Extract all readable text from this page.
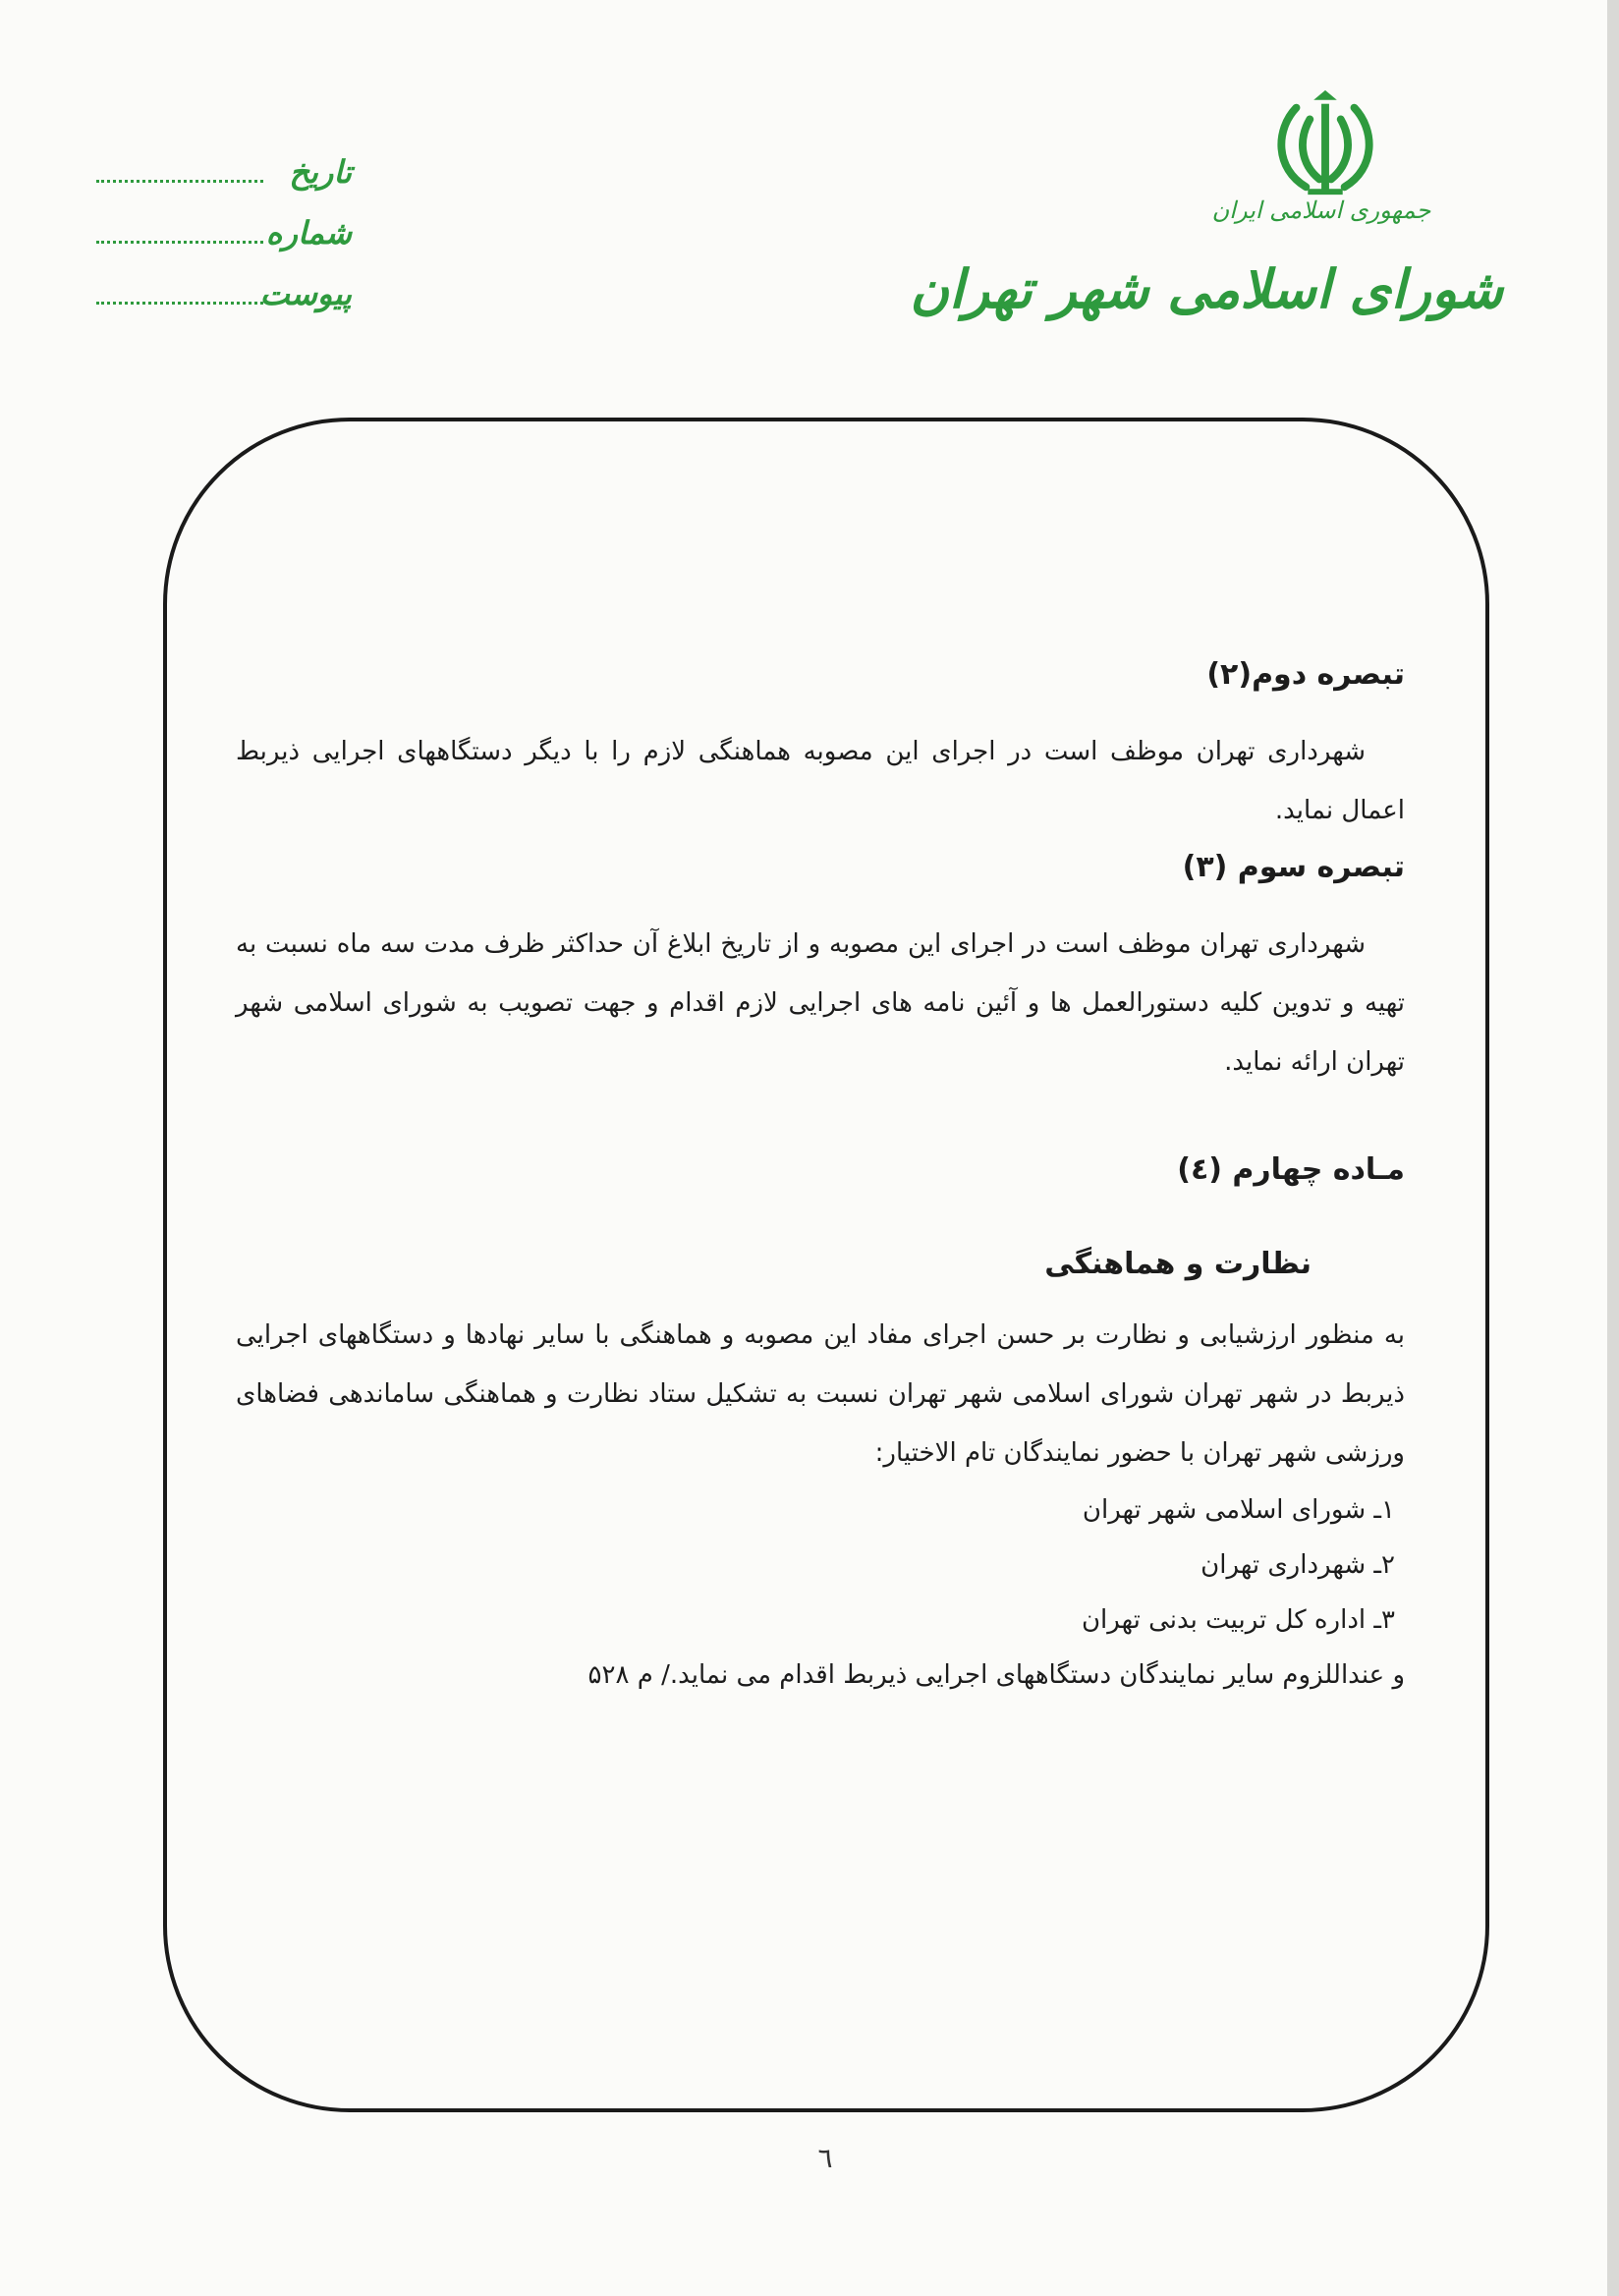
جمهوری اسلامی ایران
شورای اسلامی شهر تهران
تاریخ
شماره
پیوست

تبصره دوم(۲)

شهرداری تهران موظف است در اجرای این مصوبه هماهنگی لازم را با دیگر دستگاههای اجرایی ذیربط اعمال نماید.

تبصره سوم (۳)

شهرداری تهران موظف است در اجرای این مصوبه و از تاریخ ابلاغ آن حداکثر ظرف مدت سه ماه نسبت به تهیه و تدوین کلیه دستورالعمل ها و آئین نامه های اجرایی لازم اقدام و جهت تصویب به شورای اسلامی شهر تهران ارائه نماید.

مـاده چهارم (٤)

نظارت و هماهنگی

به منظور ارزشیابی و نظارت بر حسن اجرای مفاد این مصوبه و هماهنگی با سایر نهادها و دستگاههای اجرایی ذیربط در شهر تهران شورای اسلامی شهر تهران نسبت به تشکیل ستاد نظارت و هماهنگی ساماندهی فضاهای ورزشی شهر تهران با حضور نمایندگان تام الاختیار:

۱ـ شورای اسلامی شهر تهران

۲ـ شهرداری تهران

۳ـ اداره کل تربیت بدنی تهران

و عنداللزوم سایر نمایندگان دستگاههای اجرایی ذیربط اقدام می نماید./ م ۵۲۸

٦
